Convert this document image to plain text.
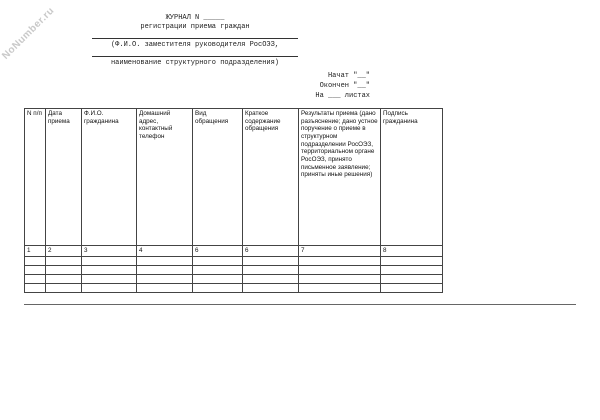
NoNumber.ru	ЖУРНАЛ N _____
регистрации приема граждан
(Ф.И.О. заместителя руководителя РосОЭЗ,
наименование структурного подразделения)
Начат "__"
Окончен "__"
На ___ листах
N п/п	Дата приема	Ф.И.О. гражданина	Домашний адрес, контактный телефон	Вид обращения	Краткое содержание обращения	Результаты приема (дано разъяснение; дано устное поручение о приеме в структурном подразделении РосОЭЗ, территориальном органе РосОЭЗ, принято письменное заявление; приняты иные решения)	Подпись гражданина
1	2	3	4	6	6	7	8
